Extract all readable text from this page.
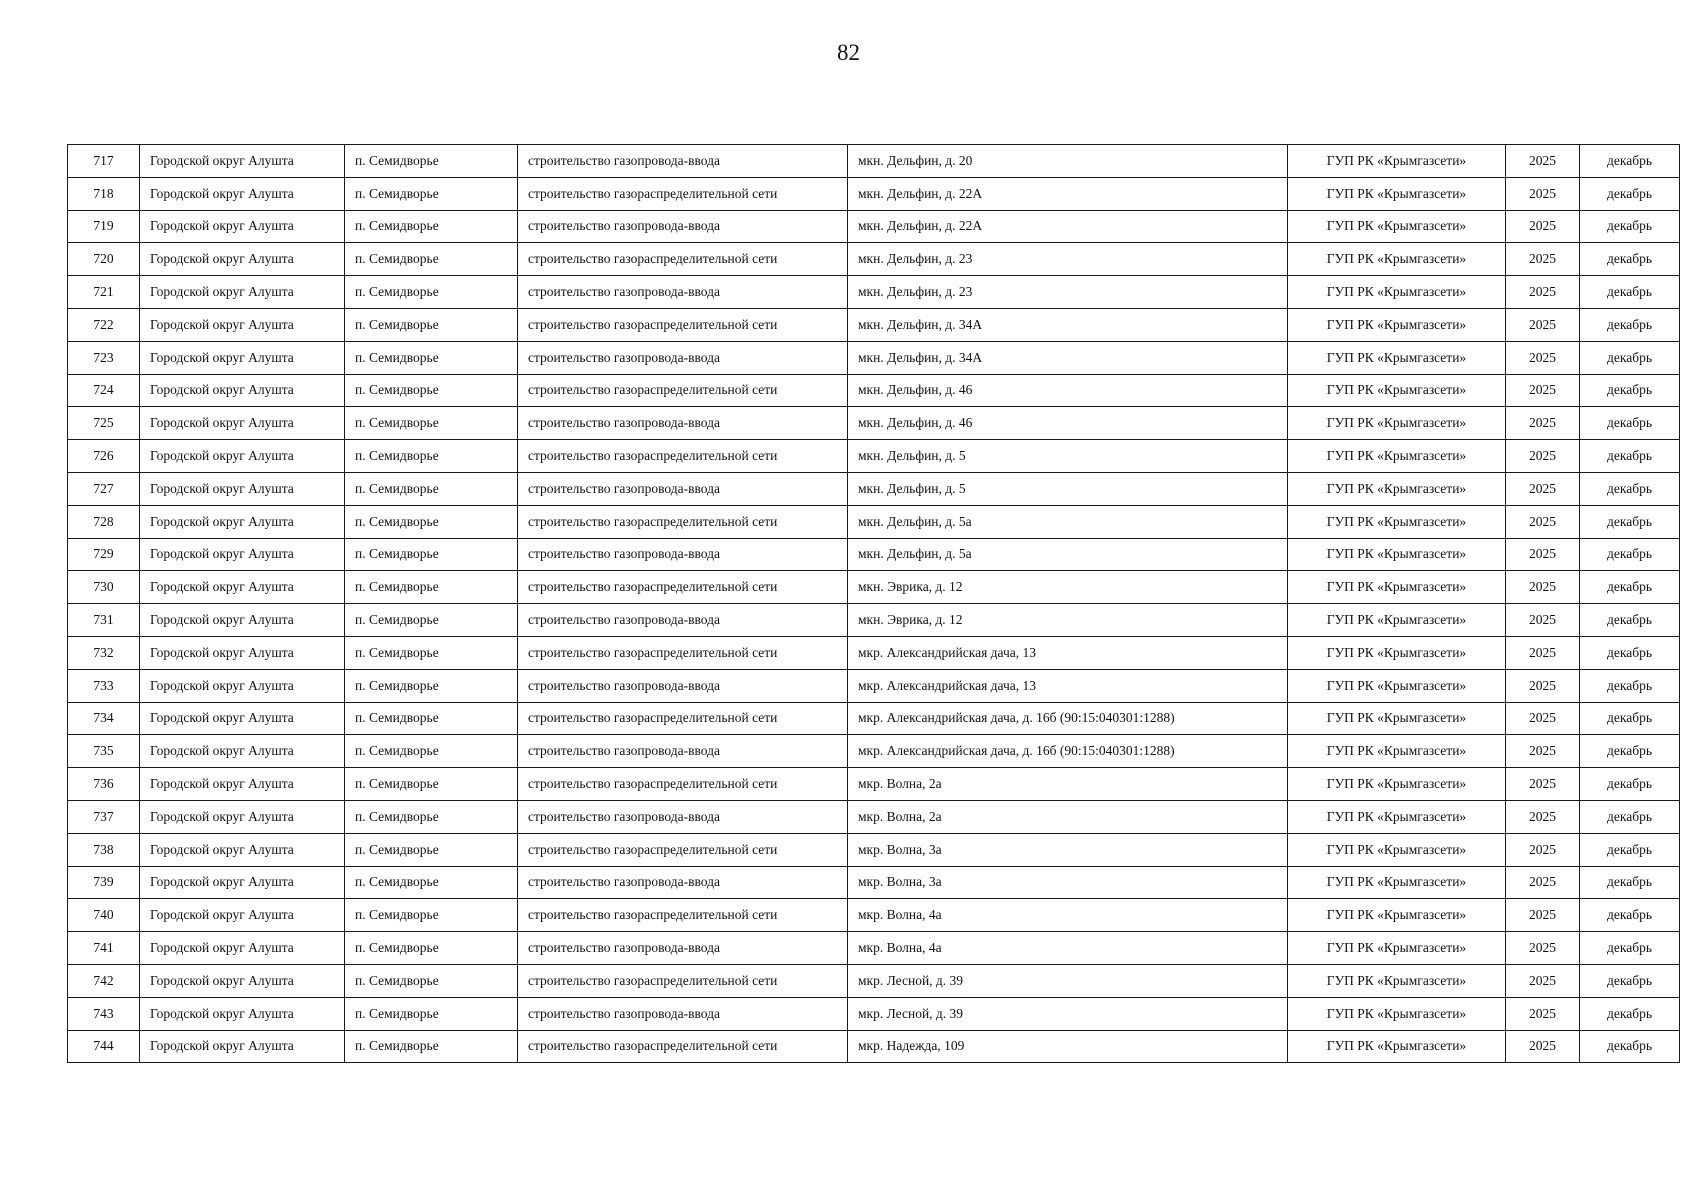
82
717	Городской округ Алушта	п. Семидворье	строительство газопровода-ввода	мкн. Дельфин, д. 20	ГУП РК «Крымгазсети»	2025	декабрь
718	Городской округ Алушта	п. Семидворье	строительство газораспределительной сети	мкн. Дельфин, д. 22А	ГУП РК «Крымгазсети»	2025	декабрь
719	Городской округ Алушта	п. Семидворье	строительство газопровода-ввода	мкн. Дельфин, д. 22А	ГУП РК «Крымгазсети»	2025	декабрь
720	Городской округ Алушта	п. Семидворье	строительство газораспределительной сети	мкн. Дельфин, д. 23	ГУП РК «Крымгазсети»	2025	декабрь
721	Городской округ Алушта	п. Семидворье	строительство газопровода-ввода	мкн. Дельфин, д. 23	ГУП РК «Крымгазсети»	2025	декабрь
722	Городской округ Алушта	п. Семидворье	строительство газораспределительной сети	мкн. Дельфин, д. 34А	ГУП РК «Крымгазсети»	2025	декабрь
723	Городской округ Алушта	п. Семидворье	строительство газопровода-ввода	мкн. Дельфин, д. 34А	ГУП РК «Крымгазсети»	2025	декабрь
724	Городской округ Алушта	п. Семидворье	строительство газораспределительной сети	мкн. Дельфин, д. 46	ГУП РК «Крымгазсети»	2025	декабрь
725	Городской округ Алушта	п. Семидворье	строительство газопровода-ввода	мкн. Дельфин, д. 46	ГУП РК «Крымгазсети»	2025	декабрь
726	Городской округ Алушта	п. Семидворье	строительство газораспределительной сети	мкн. Дельфин, д. 5	ГУП РК «Крымгазсети»	2025	декабрь
727	Городской округ Алушта	п. Семидворье	строительство газопровода-ввода	мкн. Дельфин, д. 5	ГУП РК «Крымгазсети»	2025	декабрь
728	Городской округ Алушта	п. Семидворье	строительство газораспределительной сети	мкн. Дельфин, д. 5а	ГУП РК «Крымгазсети»	2025	декабрь
729	Городской округ Алушта	п. Семидворье	строительство газопровода-ввода	мкн. Дельфин, д. 5а	ГУП РК «Крымгазсети»	2025	декабрь
730	Городской округ Алушта	п. Семидворье	строительство газораспределительной сети	мкн. Эврика, д. 12	ГУП РК «Крымгазсети»	2025	декабрь
731	Городской округ Алушта	п. Семидворье	строительство газопровода-ввода	мкн. Эврика, д. 12	ГУП РК «Крымгазсети»	2025	декабрь
732	Городской округ Алушта	п. Семидворье	строительство газораспределительной сети	мкр. Александрийская дача, 13	ГУП РК «Крымгазсети»	2025	декабрь
733	Городской округ Алушта	п. Семидворье	строительство газопровода-ввода	мкр. Александрийская дача, 13	ГУП РК «Крымгазсети»	2025	декабрь
734	Городской округ Алушта	п. Семидворье	строительство газораспределительной сети	мкр. Александрийская дача, д. 16б (90:15:040301:1288)	ГУП РК «Крымгазсети»	2025	декабрь
735	Городской округ Алушта	п. Семидворье	строительство газопровода-ввода	мкр. Александрийская дача, д. 16б (90:15:040301:1288)	ГУП РК «Крымгазсети»	2025	декабрь
736	Городской округ Алушта	п. Семидворье	строительство газораспределительной сети	мкр. Волна, 2а	ГУП РК «Крымгазсети»	2025	декабрь
737	Городской округ Алушта	п. Семидворье	строительство газопровода-ввода	мкр. Волна, 2а	ГУП РК «Крымгазсети»	2025	декабрь
738	Городской округ Алушта	п. Семидворье	строительство газораспределительной сети	мкр. Волна, 3а	ГУП РК «Крымгазсети»	2025	декабрь
739	Городской округ Алушта	п. Семидворье	строительство газопровода-ввода	мкр. Волна, 3а	ГУП РК «Крымгазсети»	2025	декабрь
740	Городской округ Алушта	п. Семидворье	строительство газораспределительной сети	мкр. Волна, 4а	ГУП РК «Крымгазсети»	2025	декабрь
741	Городской округ Алушта	п. Семидворье	строительство газопровода-ввода	мкр. Волна, 4а	ГУП РК «Крымгазсети»	2025	декабрь
742	Городской округ Алушта	п. Семидворье	строительство газораспределительной сети	мкр. Лесной, д. 39	ГУП РК «Крымгазсети»	2025	декабрь
743	Городской округ Алушта	п. Семидворье	строительство газопровода-ввода	мкр. Лесной, д. 39	ГУП РК «Крымгазсети»	2025	декабрь
744	Городской округ Алушта	п. Семидворье	строительство газораспределительной сети	мкр. Надежда, 109	ГУП РК «Крымгазсети»	2025	декабрь
